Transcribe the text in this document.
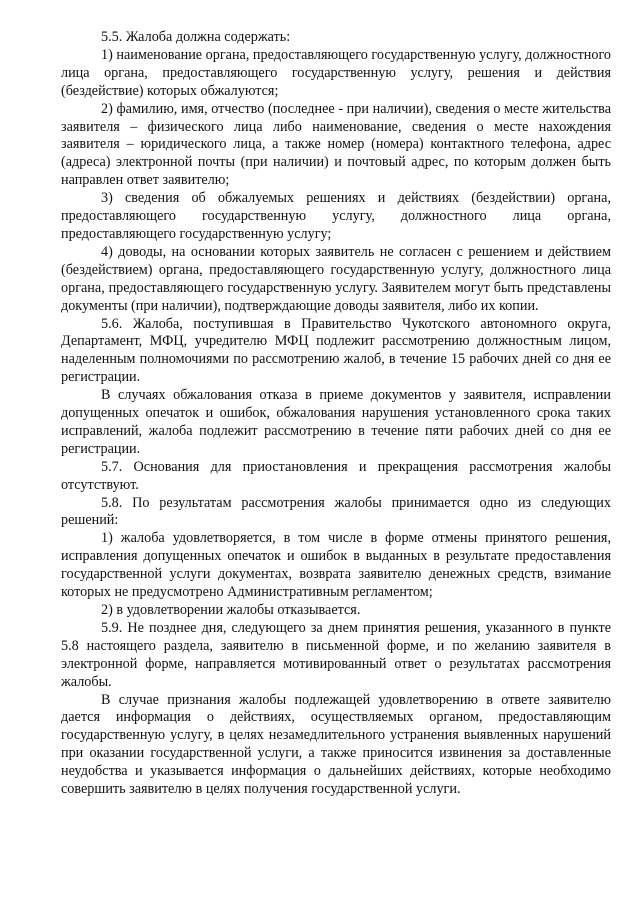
5.5. Жалоба должна содержать:

1) наименование органа, предоставляющего государственную услугу, должностного лица органа, предоставляющего государственную услугу, решения и действия (бездействие) которых обжалуются;

2) фамилию, имя, отчество (последнее - при наличии), сведения о месте жительства заявителя – физического лица либо наименование, сведения о месте нахождения заявителя – юридического лица, а также номер (номера) контактного телефона, адрес (адреса) электронной почты (при наличии) и почтовый адрес, по которым должен быть направлен ответ заявителю;

3) сведения об обжалуемых решениях и действиях (бездействии) органа, предоставляющего государственную услугу, должностного лица органа, предоставляющего государственную услугу;

4) доводы, на основании которых заявитель не согласен с решением и действием (бездействием) органа, предоставляющего государственную услугу, должностного лица органа, предоставляющего государственную услугу. Заявителем могут быть представлены документы (при наличии), подтверждающие доводы заявителя, либо их копии.

5.6. Жалоба, поступившая в Правительство Чукотского автономного округа, Департамент, МФЦ, учредителю МФЦ подлежит рассмотрению должностным лицом, наделенным полномочиями по рассмотрению жалоб, в течение 15 рабочих дней со дня ее регистрации.

В случаях обжалования отказа в приеме документов у заявителя, исправлении допущенных опечаток и ошибок, обжалования нарушения установленного срока таких исправлений, жалоба подлежит рассмотрению в течение пяти рабочих дней со дня ее регистрации.

5.7. Основания для приостановления и прекращения рассмотрения жалобы отсутствуют.

5.8. По результатам рассмотрения жалобы принимается одно из следующих решений:

1) жалоба удовлетворяется, в том числе в форме отмены принятого решения, исправления допущенных опечаток и ошибок в выданных в результате предоставления государственной услуги документах, возврата заявителю денежных средств, взимание которых не предусмотрено Административным регламентом;

2) в удовлетворении жалобы отказывается.

5.9. Не позднее дня, следующего за днем принятия решения, указанного в пункте 5.8 настоящего раздела, заявителю в письменной форме, и по желанию заявителя в электронной форме, направляется мотивированный ответ о результатах рассмотрения жалобы.

В случае признания жалобы подлежащей удовлетворению в ответе заявителю дается информация о действиях, осуществляемых органом, предоставляющим государственную услугу, в целях незамедлительного устранения выявленных нарушений при оказании государственной услуги, а также приносится извинения за доставленные неудобства и указывается информация о дальнейших действиях, которые необходимо совершить заявителю в целях получения государственной услуги.
